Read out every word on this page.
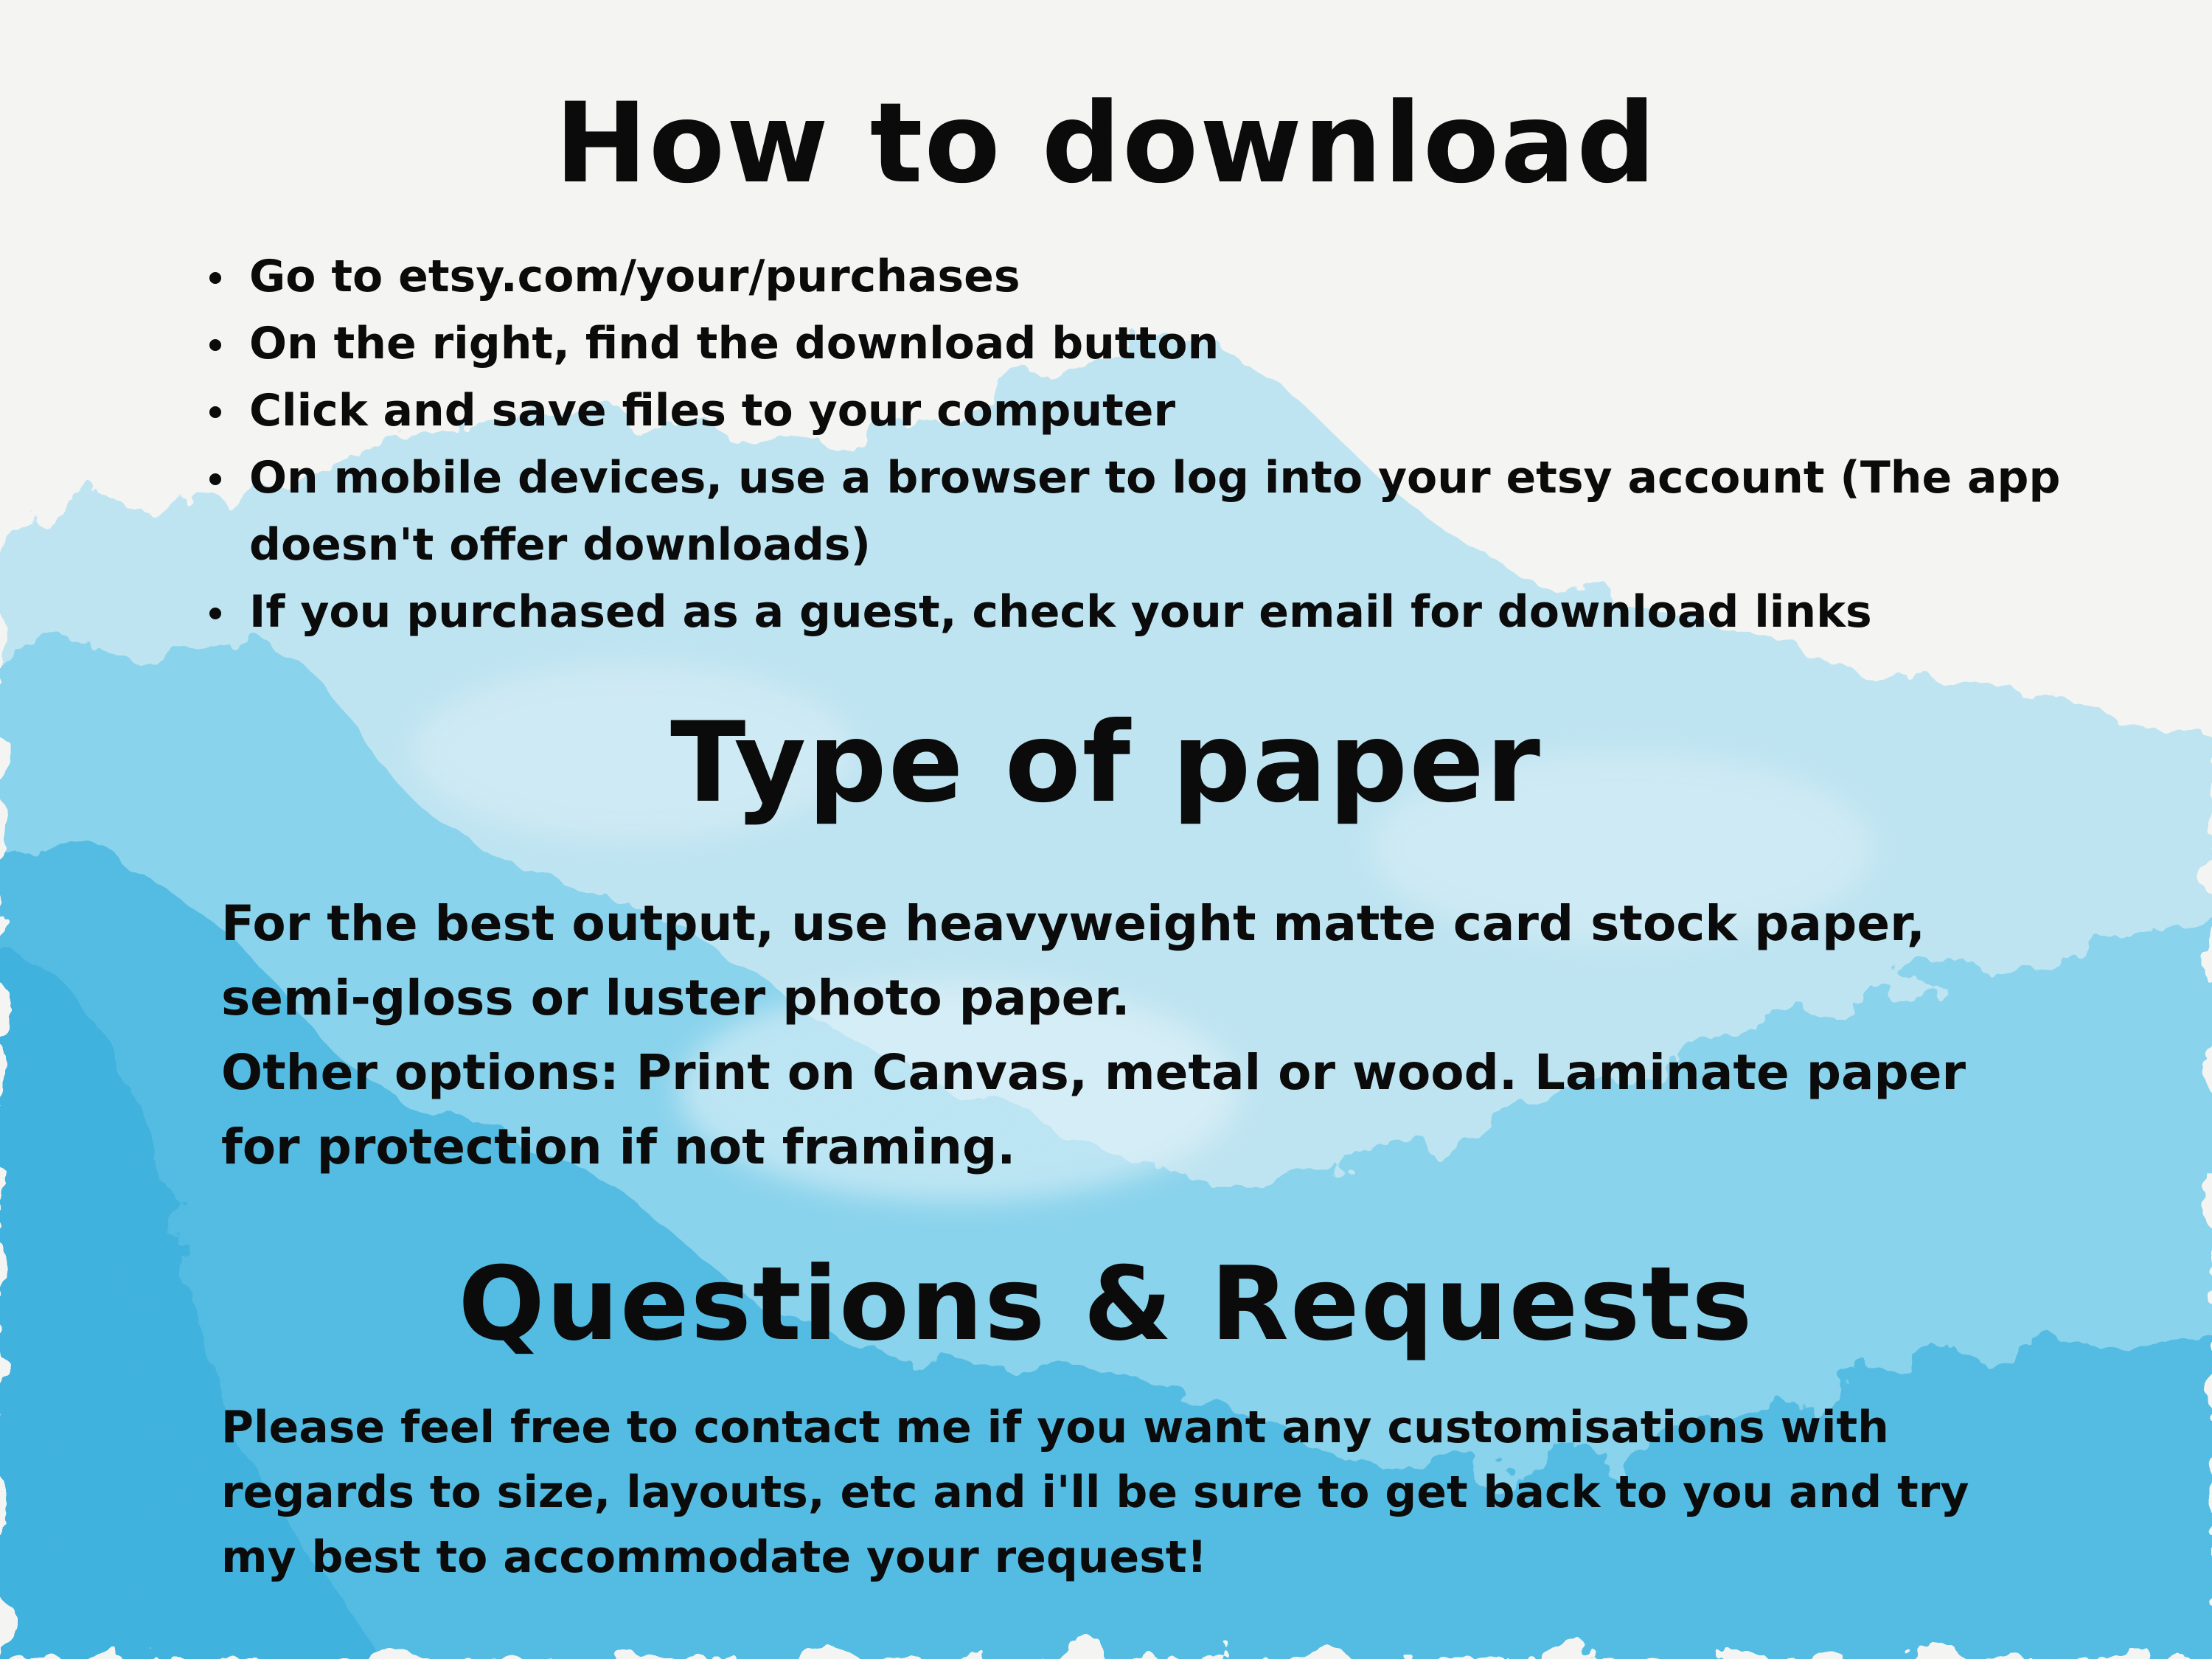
How to download
Go to etsy.com/your/purchases
On the right, find the download button
Click and save files to your computer
On mobile devices, use a browser to log into your etsy account (The app doesn't offer downloads)
If you purchased as a guest, check your email for download links
Type of paper

For the best output, use heavyweight matte card stock paper, semi-gloss or luster photo paper.
Other options: Print on Canvas, metal or wood. Laminate paper for protection if not framing.

Questions & Requests

Please feel free to contact me if you want any customisations with regards to size, layouts, etc and i'll be sure to get back to you and try my best to accommodate your request!
